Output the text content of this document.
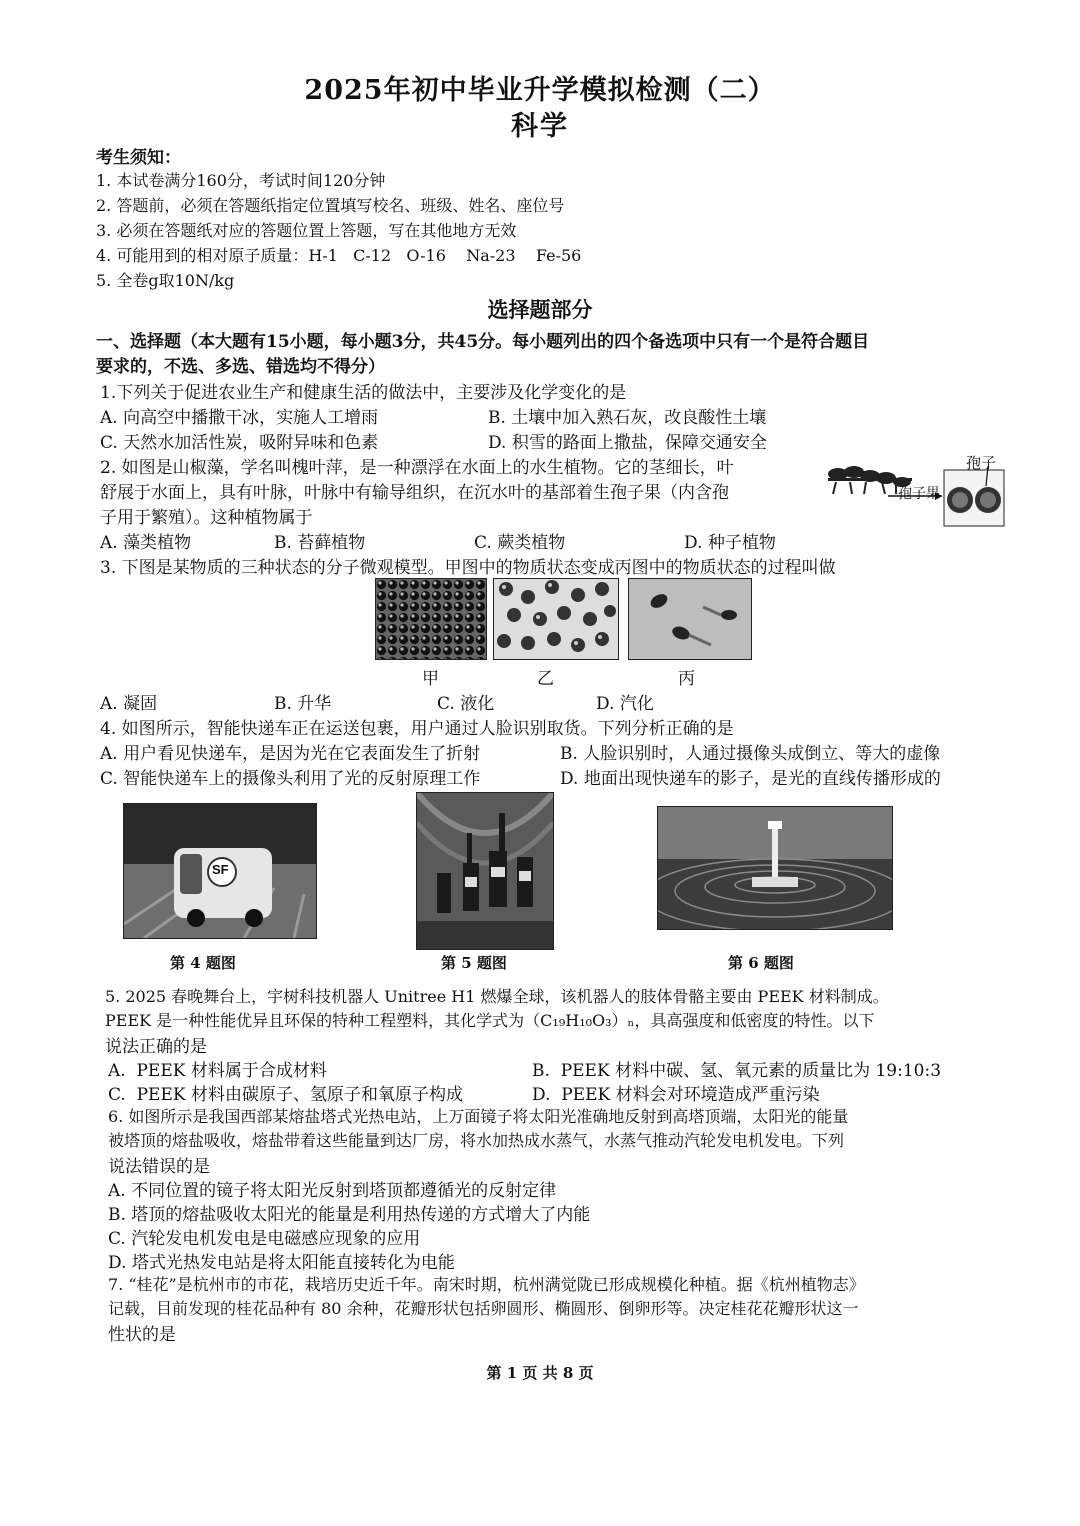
2025年初中毕业升学模拟检测（二）
科学
考生须知：
1. 本试卷满分160分，考试时间120分钟
2. 答题前，必须在答题纸指定位置填写校名、班级、姓名、座位号
3. 必须在答题纸对应的答题位置上答题，写在其他地方无效
4. 可能用到的相对原子质量：H-1   C-12   O-16    Na-23    Fe-56
5. 全卷g取10N/kg
选择题部分
一、选择题（本大题有15小题，每小题3分，共45分。每小题列出的四个备选项中只有一个是符合题目
要求的，不选、多选、错选均不得分）
1.下列关于促进农业生产和健康生活的做法中，主要涉及化学变化的是
A. 向高空中播撒干冰，实施人工增雨	B. 土壤中加入熟石灰，改良酸性土壤
C. 天然水加活性炭，吸附异味和色素	D. 积雪的路面上撒盐，保障交通安全
2. 如图是山椒藻，学名叫槐叶萍，是一种漂浮在水面上的水生植物。它的茎细长，叶
舒展于水面上，具有叶脉，叶脉中有输导组织，在沉水叶的基部着生孢子果（内含孢
子用于繁殖）。这种植物属于
A. 藻类植物	B. 苔藓植物	C. 蕨类植物	D. 种子植物
孢子
孢子果
3. 下图是某物质的三种状态的分子微观模型。甲图中的物质状态变成丙图中的物质状态的过程叫做
甲	乙	丙
A. 凝固	B. 升华	C. 液化	D. 汽化
4. 如图所示，智能快递车正在运送包裹，用户通过人脸识别取货。下列分析正确的是
A. 用户看见快递车，是因为光在它表面发生了折射	B. 人脸识别时，人通过摄像头成倒立、等大的虚像
C. 智能快递车上的摄像头利用了光的反射原理工作	D. 地面出现快递车的影子，是光的直线传播形成的
SF
第 4 题图	第 5 题图	第 6 题图
5. 2025 春晚舞台上，宇树科技机器人 Unitree H1 燃爆全球，该机器人的肢体骨骼主要由 PEEK 材料制成。
PEEK 是一种性能优异且环保的特种工程塑料，其化学式为（C₁₉H₁₀O₃）ₙ，具高强度和低密度的特性。以下
说法正确的是
A.  PEEK 材料属于合成材料	B.  PEEK 材料中碳、氢、氧元素的质量比为 19:10:3
C.  PEEK 材料由碳原子、氢原子和氧原子构成	D.  PEEK 材料会对环境造成严重污染
6. 如图所示是我国西部某熔盐塔式光热电站，上万面镜子将太阳光准确地反射到高塔顶端，太阳光的能量
被塔顶的熔盐吸收，熔盐带着这些能量到达厂房，将水加热成水蒸气，水蒸气推动汽轮发电机发电。下列
说法错误的是
A. 不同位置的镜子将太阳光反射到塔顶都遵循光的反射定律
B. 塔顶的熔盐吸收太阳光的能量是利用热传递的方式增大了内能
C. 汽轮发电机发电是电磁感应现象的应用
D. 塔式光热发电站是将太阳能直接转化为电能
7. “桂花”是杭州市的市花，栽培历史近千年。南宋时期，杭州满觉陇已形成规模化种植。据《杭州植物志》
记载，目前发现的桂花品种有 80 余种，花瓣形状包括卵圆形、椭圆形、倒卵形等。决定桂花花瓣形状这一
性状的是
第 1 页 共 8 页
